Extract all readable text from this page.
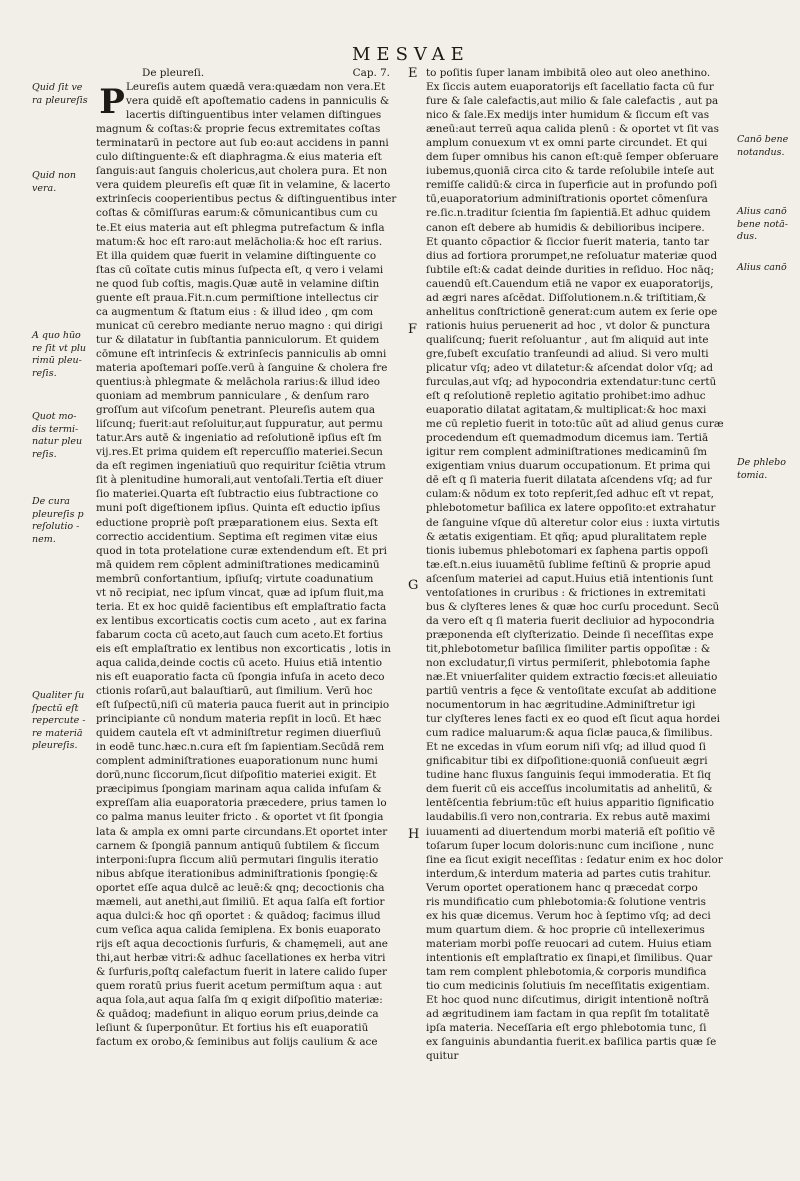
MESVAE
P

De pleureſi.	Cap. 7.

Leureſis autem quædā vera:quædam non vera.Et

vera quidē eſt apoſtematio cadens in panniculis &

lacertis diſtinguentibus inter velamen diſtingues

magnum & coſtas:& proprie fecus extremitates coſtas

terminatarū in pectore aut ſub eo:aut accidens in panni

culo diſtinguente:& eſt diaphragma.& eius materia eſt

ſanguis:aut ſanguis cholericus,aut cholera pura. Et non

vera quidem pleureſis eſt quæ ſit in velamine, & lacerto

extrinſecis cooperientibus pectus & diſtinguentibus inter

coſtas & cōmiſſuras earum:& cōmunicantibus cum cu

te.Et eius materia aut eſt phlegma putrefactum & infla

matum:& hoc eſt raro:aut melācholia:& hoc eſt rarius.

Et illa quidem quæ fuerit in velamine diſtinguente co

ſtas cū coītate cutis minus ſuſpecta eſt, q vero i velami

ne quod ſub coſtis, magis.Quæ autē in velamine diſtin

guente eſt praua.Fit.n.cum permiſtione intellectus cir

ca augmentum & ſtatum eius : & illud ideo , qm com

municat cū cerebro mediante neruo magno : qui dirigi

tur & dilatatur in ſubſtantia panniculorum. Et quidem

cōmune eſt intrinſecis & extrinſecis panniculis ab omni

materia apoſtemari poſſe.verū à ſanguine & cholera fre

quentius:à phlegmate & melāchola rarius:& illud ideo

quoniam ad membrum panniculare , & denſum raro

groſſum aut viſcoſum penetrant. Pleureſis autem qua

liſcunq; fuerit:aut reſoluitur,aut ſuppuratur, aut permu

tatur.Ars autē & ingeniatio ad reſolutionē ipſius eſt ſm

vij.res.Et prima quidem eſt repercuſſio materiei.Secun

da eſt regimen ingeniatiuū quo requiritur ſciētia vtrum

ſit à plenitudine humorali,aut ventoſali.Tertia eſt diuer

ſio materiei.Quarta eſt ſubtractio eius ſubtractione co

muni poſt digeſtionem ipſius. Quinta eſt eductio ipſius

eductione propriè poſt præparationem eius. Sexta eſt

correctio accidentium. Septima eſt regimen vitæ eius

quod in tota protelatione curæ extendendum eſt. Et pri

mā quidem rem cōplent adminiſtrationes medicaminū

membrū confortantium, ipſiuſq; virtute coadunatium

vt nō recipiat, nec ipſum vincat, quæ ad ipſum fluit,ma

teria. Et ex hoc quidē facientibus eſt emplaſtratio facta

ex lentibus excorticatis coctis cum aceto , aut ex farina

fabarum cocta cū aceto,aut ſauch cum aceto.Et fortius

eis eſt emplaſtratio ex lentibus non excorticatis , lotis in

aqua calida,deinde coctis cū aceto. Huius etiā intentio

nis eſt euaporatio facta cū ſpongia infuſa in aceto deco

ctionis roſarū,aut balauſtiarū, aut ſimilium. Verū hoc

eſt ſuſpectū,niſi cū materia pauca fuerit aut in principio

principiante cū nondum materia repſit in locū. Et hæc

quidem cautela eſt vt adminiſtretur regimen diuerſiuū

in eodē tunc.hæc.n.cura eſt ſm ſapientiam.Secūdā rem

complent adminiſtrationes euaporationum nunc humi

dorū,nunc ſiccorum,ſicut diſpoſitio materiei exigit. Et

præcipimus ſpongiam marinam aqua calida infuſam &

expreſſam alia euaporatoria præcedere, prius tamen lo

co palma manus leuiter fricto . & oportet vt ſit ſpongia

lata & ampla ex omni parte circundans.Et oportet inter

carnem & ſpongiā pannum antiquū ſubtilem & ſiccum

interponi:ſupra ſiccum aliū permutari ſingulis iteratio

nibus abſque iterationibus adminiſtrationis ſpongię:&

oportet eſſe aqua dulcē ac leuē:& qnq; decoctionis cha

mæmeli, aut anethi,aut ſimiliū. Et aqua ſalſa eſt fortior

aqua dulci:& hoc qñ oportet : & quādoq; facimus illud

cum veſica aqua calida ſemiplena. Ex bonis euaporato

rijs eſt aqua decoctionis ſurfuris, & chamęmeli, aut ane

thi,aut herbæ vitri:& adhuc ſacellationes ex herba vitri

& ſurfuris,poſtq calefactum fuerit in latere calido ſuper

quem roratū prius fuerit acetum permiſtum aqua : aut

aqua ſola,aut aqua ſalſa ſm q exigit diſpoſitio materiæ:

& quādoq; madefiunt in aliquo eorum prius,deinde ca

leſiunt & ſuperponūtur. Et fortius his eſt euaporatiū

factum ex orobo,& ſeminibus aut folijs caulium & ace

to poſitis ſuper lanam imbibitā oleo aut oleo anethino.

Ex ſiccis autem euaporatorijs eſt ſacellatio facta cū fur

fure & ſale calefactis,aut milio & ſale calefactis , aut pa

nico & ſale.Ex medijs inter humidum & ſiccum eſt vas

æneū:aut terreū aqua calida plenū : & oportet vt ſit vas

amplum conuexum vt ex omni parte circundet. Et qui

dem ſuper omnibus his canon eſt:quē ſemper obſeruare

iubemus,quoniā circa cito & tarde reſolubile inteſe aut

remiſſe calidū:& circa in ſuperficie aut in profundo poſi

tū,euaporatorium adminiſtrationis oportet cōmenſura

re.ſic.n.traditur ſcientia ſm ſapientiā.Et adhuc quidem

canon eſt debere ab humidis & debilioribus incipere.

Et quanto cōpactior & ſiccior fuerit materia, tanto tar

dius ad fortiora prorumpet,ne reſoluatur materiæ quod

ſubtile eſt:& cadat deinde durities in reſiduo. Hoc nāq;

cauendū eſt.Cauendum etiā ne vapor ex euaporatorijs,

ad ægri nares aſcēdat. Diſſolutionem.n.& triſtitiam,&

anhelitus conſtrictionē generat:cum autem ex ſerie ope

rationis huius peruenerit ad hoc , vt dolor & punctura

qualiſcunq; fuerit reſoluantur , aut ſm aliquid aut inte

gre,ſubeſt excuſatio tranſeundi ad aliud. Si vero multi

plicatur vſq; adeo vt dilatetur:& aſcendat dolor vſq; ad

furculas,aut vſq; ad hypocondria extendatur:tunc certū

eſt q reſolutionē repletio agitatio prohibet:imo adhuc

euaporatio dilatat agitatam,& multiplicat:& hoc maxi

me cū repletio fuerit in toto:tūc aūt ad aliud genus curæ

procedendum eſt quemadmodum dicemus iam. Tertiā

igitur rem complent adminiſtrationes medicaminū ſm

exigentiam vnius duarum occupationum. Et prima qui

dē eſt q ſi materia fuerit dilatata aſcendens vſq; ad fur

culam:& nōdum ex toto repſerit,ſed adhuc eſt vt repat,

phlebotometur baſilica ex latere oppoſito:et extrahatur

de ſanguine vſque dū alteretur color eius : iuxta virtutis

& ætatis exigentiam. Et qñq; apud pluralitatem reple

tionis iubemus phlebotomari ex ſaphena partis oppoſi

tæ.eſt.n.eius iuuamētū ſublime feſtinū & proprie apud

aſcenſum materiei ad caput.Huius etiā intentionis ſunt

ventoſationes in cruribus : & frictiones in extremitati

bus & clyſteres lenes & quæ hoc curſu procedunt. Secū

da vero eſt q ſi materia fuerit decliuior ad hypocondria

præponenda eſt clyſterizatio. Deinde ſi neceſſitas expe

tit,phlebotometur baſilica ſimiliter partis oppoſitæ : &

non excludatur,ſi virtus permiſerit, phlebotomia ſaphe

næ.Et vniuerſaliter quidem extractio fœcis:et alleuiatio

partiū ventris a fęce & ventoſitate excuſat ab additione

nocumentorum in hac ægritudine.Adminiſtretur igi

tur clyſteres lenes facti ex eo quod eſt ſicut aqua hordei

cum radice maluarum:& aqua ſiclæ pauca,& ſimilibus.

Et ne excedas in vſum eorum niſi vſq; ad illud quod ſi

gnificabitur tibi ex diſpoſitione:quoniā conſueuit ægri

tudine hanc fluxus ſanguinis ſequi immoderatia. Et ſiq

dem fuerit cū eis acceſſus incolumitatis ad anhelitū, &

lentēſcentia febrium:tūc eſt huius apparitio ſignificatio

laudabilis.ſi vero non,contraria. Ex rebus autē maximi

iuuamenti ad diuertendum morbi materiā eſt poſitio vē

toſarum ſuper locum doloris:nunc cum inciſione , nunc

ſine ea ſicut exigit neceſſitas : ſedatur enim ex hoc dolor

interdum,& interdum materia ad partes cutis trahitur.

Verum oportet operationem hanc q præcedat corpo

ris mundificatio cum phlebotomia:& ſolutione ventris

ex his quæ dicemus. Verum hoc à ſeptimo vſq; ad deci

mum quartum diem. & hoc proprie cū intellexerimus

materiam morbi poſſe reuocari ad cutem. Huius etiam

intentionis eſt emplaſtratio ex ſinapi,et ſimilibus. Quar

tam rem complent phlebotomia,& corporis mundifica

tio cum medicinis ſolutiuis ſm neceſſitatis exigentiam.

Et hoc quod nunc diſcutimus, dirigit intentionē noſtrā

ad ægritudinem iam factam in qua repſit ſm totalitatē

ipſa materia. Neceſſaria eſt ergo phlebotomia tunc, ſi

ex ſanguinis abundantia fuerit.ex baſilica partis quæ ſe

quitur

E
F
G
H
Quid ſit ve
ra pleureſis
Quid non
vera.
A quo hūo
re ſit vt plu
rimū pleu-
reſis.
Quot mo-
dis termi-
natur pleu
reſis.
De cura
pleureſis p
reſolutio -
nem.
Qualiter ſu
ſpectū eſt
repercute -
re materiā
pleureſis.
Canō bene
notandus.
Alius canō
bene notā-
dus.
Alius canō
De phlebo
tomia.
